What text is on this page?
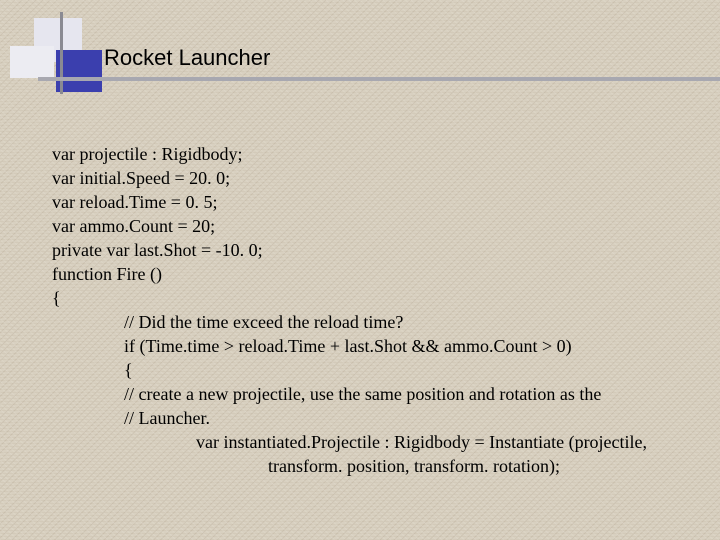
Rocket Launcher
var projectile : Rigidbody;
var initial.Speed = 20. 0;
var reload.Time = 0. 5;
var ammo.Count = 20;
private var last.Shot = -10. 0;
function Fire ()
{
// Did the time exceed the reload time?
if (Time.time > reload.Time + last.Shot && ammo.Count > 0)
{
// create a new projectile, use the same position and rotation as the
// Launcher.
var instantiated.Projectile : Rigidbody = Instantiate (projectile,
transform. position, transform. rotation);
